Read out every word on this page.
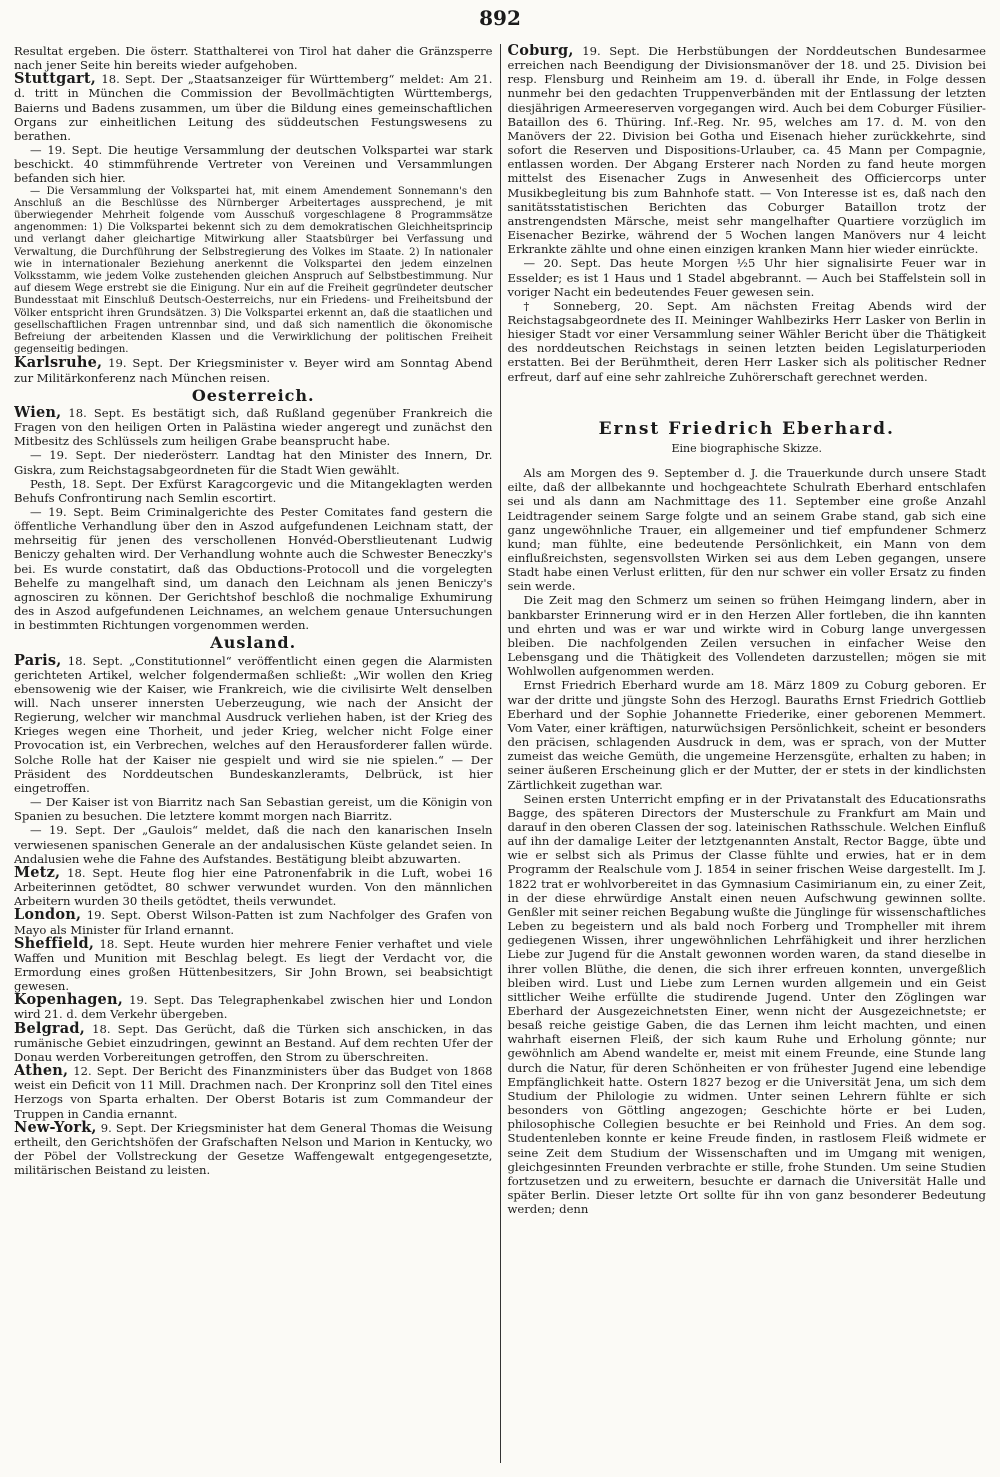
892

Resultat ergeben. Die österr. Statthalterei von Tirol hat daher die Gränzsperre nach jener Seite hin bereits wieder aufgehoben.

Stuttgart, 18. Sept. Der „Staatsanzeiger für Württemberg“ meldet: Am 21. d. tritt in München die Commission der Bevollmächtigten Württembergs, Baierns und Badens zusammen, um über die Bildung eines gemeinschaftlichen Organs zur einheitlichen Leitung des süddeutschen Festungswesens zu berathen.

— 19. Sept. Die heutige Versammlung der deutschen Volkspartei war stark beschickt. 40 stimmführende Vertreter von Vereinen und Versammlungen befanden sich hier.

— Die Versammlung der Volkspartei hat, mit einem Amendement Sonnemann's den Anschluß an die Beschlüsse des Nürnberger Arbeitertages aussprechend, je mit überwiegender Mehrheit folgende vom Ausschuß vorgeschlagene 8 Programmsätze angenommen: 1) Die Volkspartei bekennt sich zu dem demokratischen Gleichheitsprincip und verlangt daher gleichartige Mitwirkung aller Staatsbürger bei Verfassung und Verwaltung, die Durchführung der Selbstregierung des Volkes im Staate. 2) In nationaler wie in internationaler Beziehung anerkennt die Volkspartei den jedem einzelnen Volksstamm, wie jedem Volke zustehenden gleichen Anspruch auf Selbstbestimmung. Nur auf diesem Wege erstrebt sie die Einigung. Nur ein auf die Freiheit gegründeter deutscher Bundesstaat mit Einschluß Deutsch-Oesterreichs, nur ein Friedens- und Freiheitsbund der Völker entspricht ihren Grundsätzen. 3) Die Volkspartei erkennt an, daß die staatlichen und gesellschaftlichen Fragen untrennbar sind, und daß sich namentlich die ökonomische Befreiung der arbeitenden Klassen und die Verwirklichung der politischen Freiheit gegenseitig bedingen.

Karlsruhe, 19. Sept. Der Kriegsminister v. Beyer wird am Sonntag Abend zur Militärkonferenz nach München reisen.

Oesterreich.

Wien, 18. Sept. Es bestätigt sich, daß Rußland gegenüber Frankreich die Fragen von den heiligen Orten in Palästina wieder angeregt und zunächst den Mitbesitz des Schlüssels zum heiligen Grabe beansprucht habe.

— 19. Sept. Der niederösterr. Landtag hat den Minister des Innern, Dr. Giskra, zum Reichstagsabgeordneten für die Stadt Wien gewählt.

Pesth, 18. Sept. Der Exfürst Karagcorgevic und die Mitangeklagten werden Behufs Confrontirung nach Semlin escortirt.

— 19. Sept. Beim Criminalgerichte des Pester Comitates fand gestern die öffentliche Verhandlung über den in Aszod aufgefundenen Leichnam statt, der mehrseitig für jenen des verschollenen Honvéd-Oberstlieutenant Ludwig Beniczy gehalten wird. Der Verhandlung wohnte auch die Schwester Beneczky's bei. Es wurde constatirt, daß das Obductions-Protocoll und die vorgelegten Behelfe zu mangelhaft sind, um danach den Leichnam als jenen Beniczy's agnosciren zu können. Der Gerichtshof beschloß die nochmalige Exhumirung des in Aszod aufgefundenen Leichnames, an welchem genaue Untersuchungen in bestimmten Richtungen vorgenommen werden.

Ausland.

Paris, 18. Sept. „Constitutionnel“ veröffentlicht einen gegen die Alarmisten gerichteten Artikel, welcher folgendermaßen schließt: „Wir wollen den Krieg ebensowenig wie der Kaiser, wie Frankreich, wie die civilisirte Welt denselben will. Nach unserer innersten Ueberzeugung, wie nach der Ansicht der Regierung, welcher wir manchmal Ausdruck verliehen haben, ist der Krieg des Krieges wegen eine Thorheit, und jeder Krieg, welcher nicht Folge einer Provocation ist, ein Verbrechen, welches auf den Herausforderer fallen würde. Solche Rolle hat der Kaiser nie gespielt und wird sie nie spielen.“ — Der Präsident des Norddeutschen Bundeskanzleramts, Delbrück, ist hier eingetroffen.

— Der Kaiser ist von Biarritz nach San Sebastian gereist, um die Königin von Spanien zu besuchen. Die letztere kommt morgen nach Biarritz.

— 19. Sept. Der „Gaulois“ meldet, daß die nach den kanarischen Inseln verwiesenen spanischen Generale an der andalusischen Küste gelandet seien. In Andalusien wehe die Fahne des Aufstandes. Bestätigung bleibt abzuwarten.

Metz, 18. Sept. Heute flog hier eine Patronenfabrik in die Luft, wobei 16 Arbeiterinnen getödtet, 80 schwer verwundet wurden. Von den männlichen Arbeitern wurden 30 theils getödtet, theils verwundet.

London, 19. Sept. Oberst Wilson-Patten ist zum Nachfolger des Grafen von Mayo als Minister für Irland ernannt.

Sheffield, 18. Sept. Heute wurden hier mehrere Fenier verhaftet und viele Waffen und Munition mit Beschlag belegt. Es liegt der Verdacht vor, die Ermordung eines großen Hüttenbesitzers, Sir John Brown, sei beabsichtigt gewesen.

Kopenhagen, 19. Sept. Das Telegraphenkabel zwischen hier und London wird 21. d. dem Verkehr übergeben.

Belgrad, 18. Sept. Das Gerücht, daß die Türken sich anschicken, in das rumänische Gebiet einzudringen, gewinnt an Bestand. Auf dem rechten Ufer der Donau werden Vorbereitungen getroffen, den Strom zu überschreiten.

Athen, 12. Sept. Der Bericht des Finanzministers über das Budget von 1868 weist ein Deficit von 11 Mill. Drachmen nach. Der Kronprinz soll den Titel eines Herzogs von Sparta erhalten. Der Oberst Botaris ist zum Commandeur der Truppen in Candia ernannt.

New-York, 9. Sept. Der Kriegsminister hat dem General Thomas die Weisung ertheilt, den Gerichtshöfen der Grafschaften Nelson und Marion in Kentucky, wo der Pöbel der Vollstreckung der Gesetze Waffengewalt entgegengesetzte, militärischen Beistand zu leisten.

Coburg, 19. Sept. Die Herbstübungen der Norddeutschen Bundesarmee erreichen nach Beendigung der Divisionsmanöver der 18. und 25. Division bei resp. Flensburg und Reinheim am 19. d. überall ihr Ende, in Folge dessen nunmehr bei den gedachten Truppenverbänden mit der Entlassung der letzten diesjährigen Armeereserven vorgegangen wird. Auch bei dem Coburger Füsilier-Bataillon des 6. Thüring. Inf.-Reg. Nr. 95, welches am 17. d. M. von den Manövers der 22. Division bei Gotha und Eisenach hieher zurückkehrte, sind sofort die Reserven und Dispositions-Urlauber, ca. 45 Mann per Compagnie, entlassen worden. Der Abgang Ersterer nach Norden zu fand heute morgen mittelst des Eisenacher Zugs in Anwesenheit des Officiercorps unter Musikbegleitung bis zum Bahnhofe statt. — Von Interesse ist es, daß nach den sanitätsstatistischen Berichten das Coburger Bataillon trotz der anstrengendsten Märsche, meist sehr mangelhafter Quartiere vorzüglich im Eisenacher Bezirke, während der 5 Wochen langen Manövers nur 4 leicht Erkrankte zählte und ohne einen einzigen kranken Mann hier wieder einrückte.

— 20. Sept. Das heute Morgen ½5 Uhr hier signalisirte Feuer war in Esselder; es ist 1 Haus und 1 Stadel abgebrannt. — Auch bei Staffelstein soll in voriger Nacht ein bedeutendes Feuer gewesen sein.

† Sonneberg, 20. Sept. Am nächsten Freitag Abends wird der Reichstagsabgeordnete des II. Meininger Wahlbezirks Herr Lasker von Berlin in hiesiger Stadt vor einer Versammlung seiner Wähler Bericht über die Thätigkeit des norddeutschen Reichstags in seinen letzten beiden Legislaturperioden erstatten. Bei der Berühmtheit, deren Herr Lasker sich als politischer Redner erfreut, darf auf eine sehr zahlreiche Zuhörerschaft gerechnet werden.

Ernst Friedrich Eberhard.
Eine biographische Skizze.

Als am Morgen des 9. September d. J. die Trauerkunde durch unsere Stadt eilte, daß der allbekannte und hochgeachtete Schulrath Eberhard entschlafen sei und als dann am Nachmittage des 11. September eine große Anzahl Leidtragender seinem Sarge folgte und an seinem Grabe stand, gab sich eine ganz ungewöhnliche Trauer, ein allgemeiner und tief empfundener Schmerz kund; man fühlte, eine bedeutende Persönlichkeit, ein Mann von dem einflußreichsten, segensvollsten Wirken sei aus dem Leben gegangen, unsere Stadt habe einen Verlust erlitten, für den nur schwer ein voller Ersatz zu finden sein werde.

Die Zeit mag den Schmerz um seinen so frühen Heimgang lindern, aber in bankbarster Erinnerung wird er in den Herzen Aller fortleben, die ihn kannten und ehrten und was er war und wirkte wird in Coburg lange unvergessen bleiben. Die nachfolgenden Zeilen versuchen in einfacher Weise den Lebensgang und die Thätigkeit des Vollendeten darzustellen; mögen sie mit Wohlwollen aufgenommen werden.

Ernst Friedrich Eberhard wurde am 18. März 1809 zu Coburg geboren. Er war der dritte und jüngste Sohn des Herzogl. Bauraths Ernst Friedrich Gottlieb Eberhard und der Sophie Johannette Friederike, einer geborenen Memmert. Vom Vater, einer kräftigen, naturwüchsigen Persönlichkeit, scheint er besonders den präcisen, schlagenden Ausdruck in dem, was er sprach, von der Mutter zumeist das weiche Gemüth, die ungemeine Herzensgüte, erhalten zu haben; in seiner äußeren Erscheinung glich er der Mutter, der er stets in der kindlichsten Zärtlichkeit zugethan war.

Seinen ersten Unterricht empfing er in der Privatanstalt des Educationsraths Bagge, des späteren Directors der Musterschule zu Frankfurt am Main und darauf in den oberen Classen der sog. lateinischen Rathsschule. Welchen Einfluß auf ihn der damalige Leiter der letztgenannten Anstalt, Rector Bagge, übte und wie er selbst sich als Primus der Classe fühlte und erwies, hat er in dem Programm der Realschule vom J. 1854 in seiner frischen Weise dargestellt. Im J. 1822 trat er wohlvorbereitet in das Gymnasium Casimirianum ein, zu einer Zeit, in der diese ehrwürdige Anstalt einen neuen Aufschwung gewinnen sollte. Genßler mit seiner reichen Begabung wußte die Jünglinge für wissenschaftliches Leben zu begeistern und als bald noch Forberg und Trompheller mit ihrem gediegenen Wissen, ihrer ungewöhnlichen Lehrfähigkeit und ihrer herzlichen Liebe zur Jugend für die Anstalt gewonnen worden waren, da stand dieselbe in ihrer vollen Blüthe, die denen, die sich ihrer erfreuen konnten, unvergeßlich bleiben wird. Lust und Liebe zum Lernen wurden allgemein und ein Geist sittlicher Weihe erfüllte die studirende Jugend. Unter den Zöglingen war Eberhard der Ausgezeichnetsten Einer, wenn nicht der Ausgezeichnetste; er besaß reiche geistige Gaben, die das Lernen ihm leicht machten, und einen wahrhaft eisernen Fleiß, der sich kaum Ruhe und Erholung gönnte; nur gewöhnlich am Abend wandelte er, meist mit einem Freunde, eine Stunde lang durch die Natur, für deren Schönheiten er von frühester Jugend eine lebendige Empfänglichkeit hatte. Ostern 1827 bezog er die Universität Jena, um sich dem Studium der Philologie zu widmen. Unter seinen Lehrern fühlte er sich besonders von Göttling angezogen; Geschichte hörte er bei Luden, philosophische Collegien besuchte er bei Reinhold und Fries. An dem sog. Studentenleben konnte er keine Freude finden, in rastlosem Fleiß widmete er seine Zeit dem Studium der Wissenschaften und im Umgang mit wenigen, gleichgesinnten Freunden verbrachte er stille, frohe Stunden. Um seine Studien fortzusetzen und zu erweitern, besuchte er darnach die Universität Halle und später Berlin. Dieser letzte Ort sollte für ihn von ganz besonderer Bedeutung werden; denn
